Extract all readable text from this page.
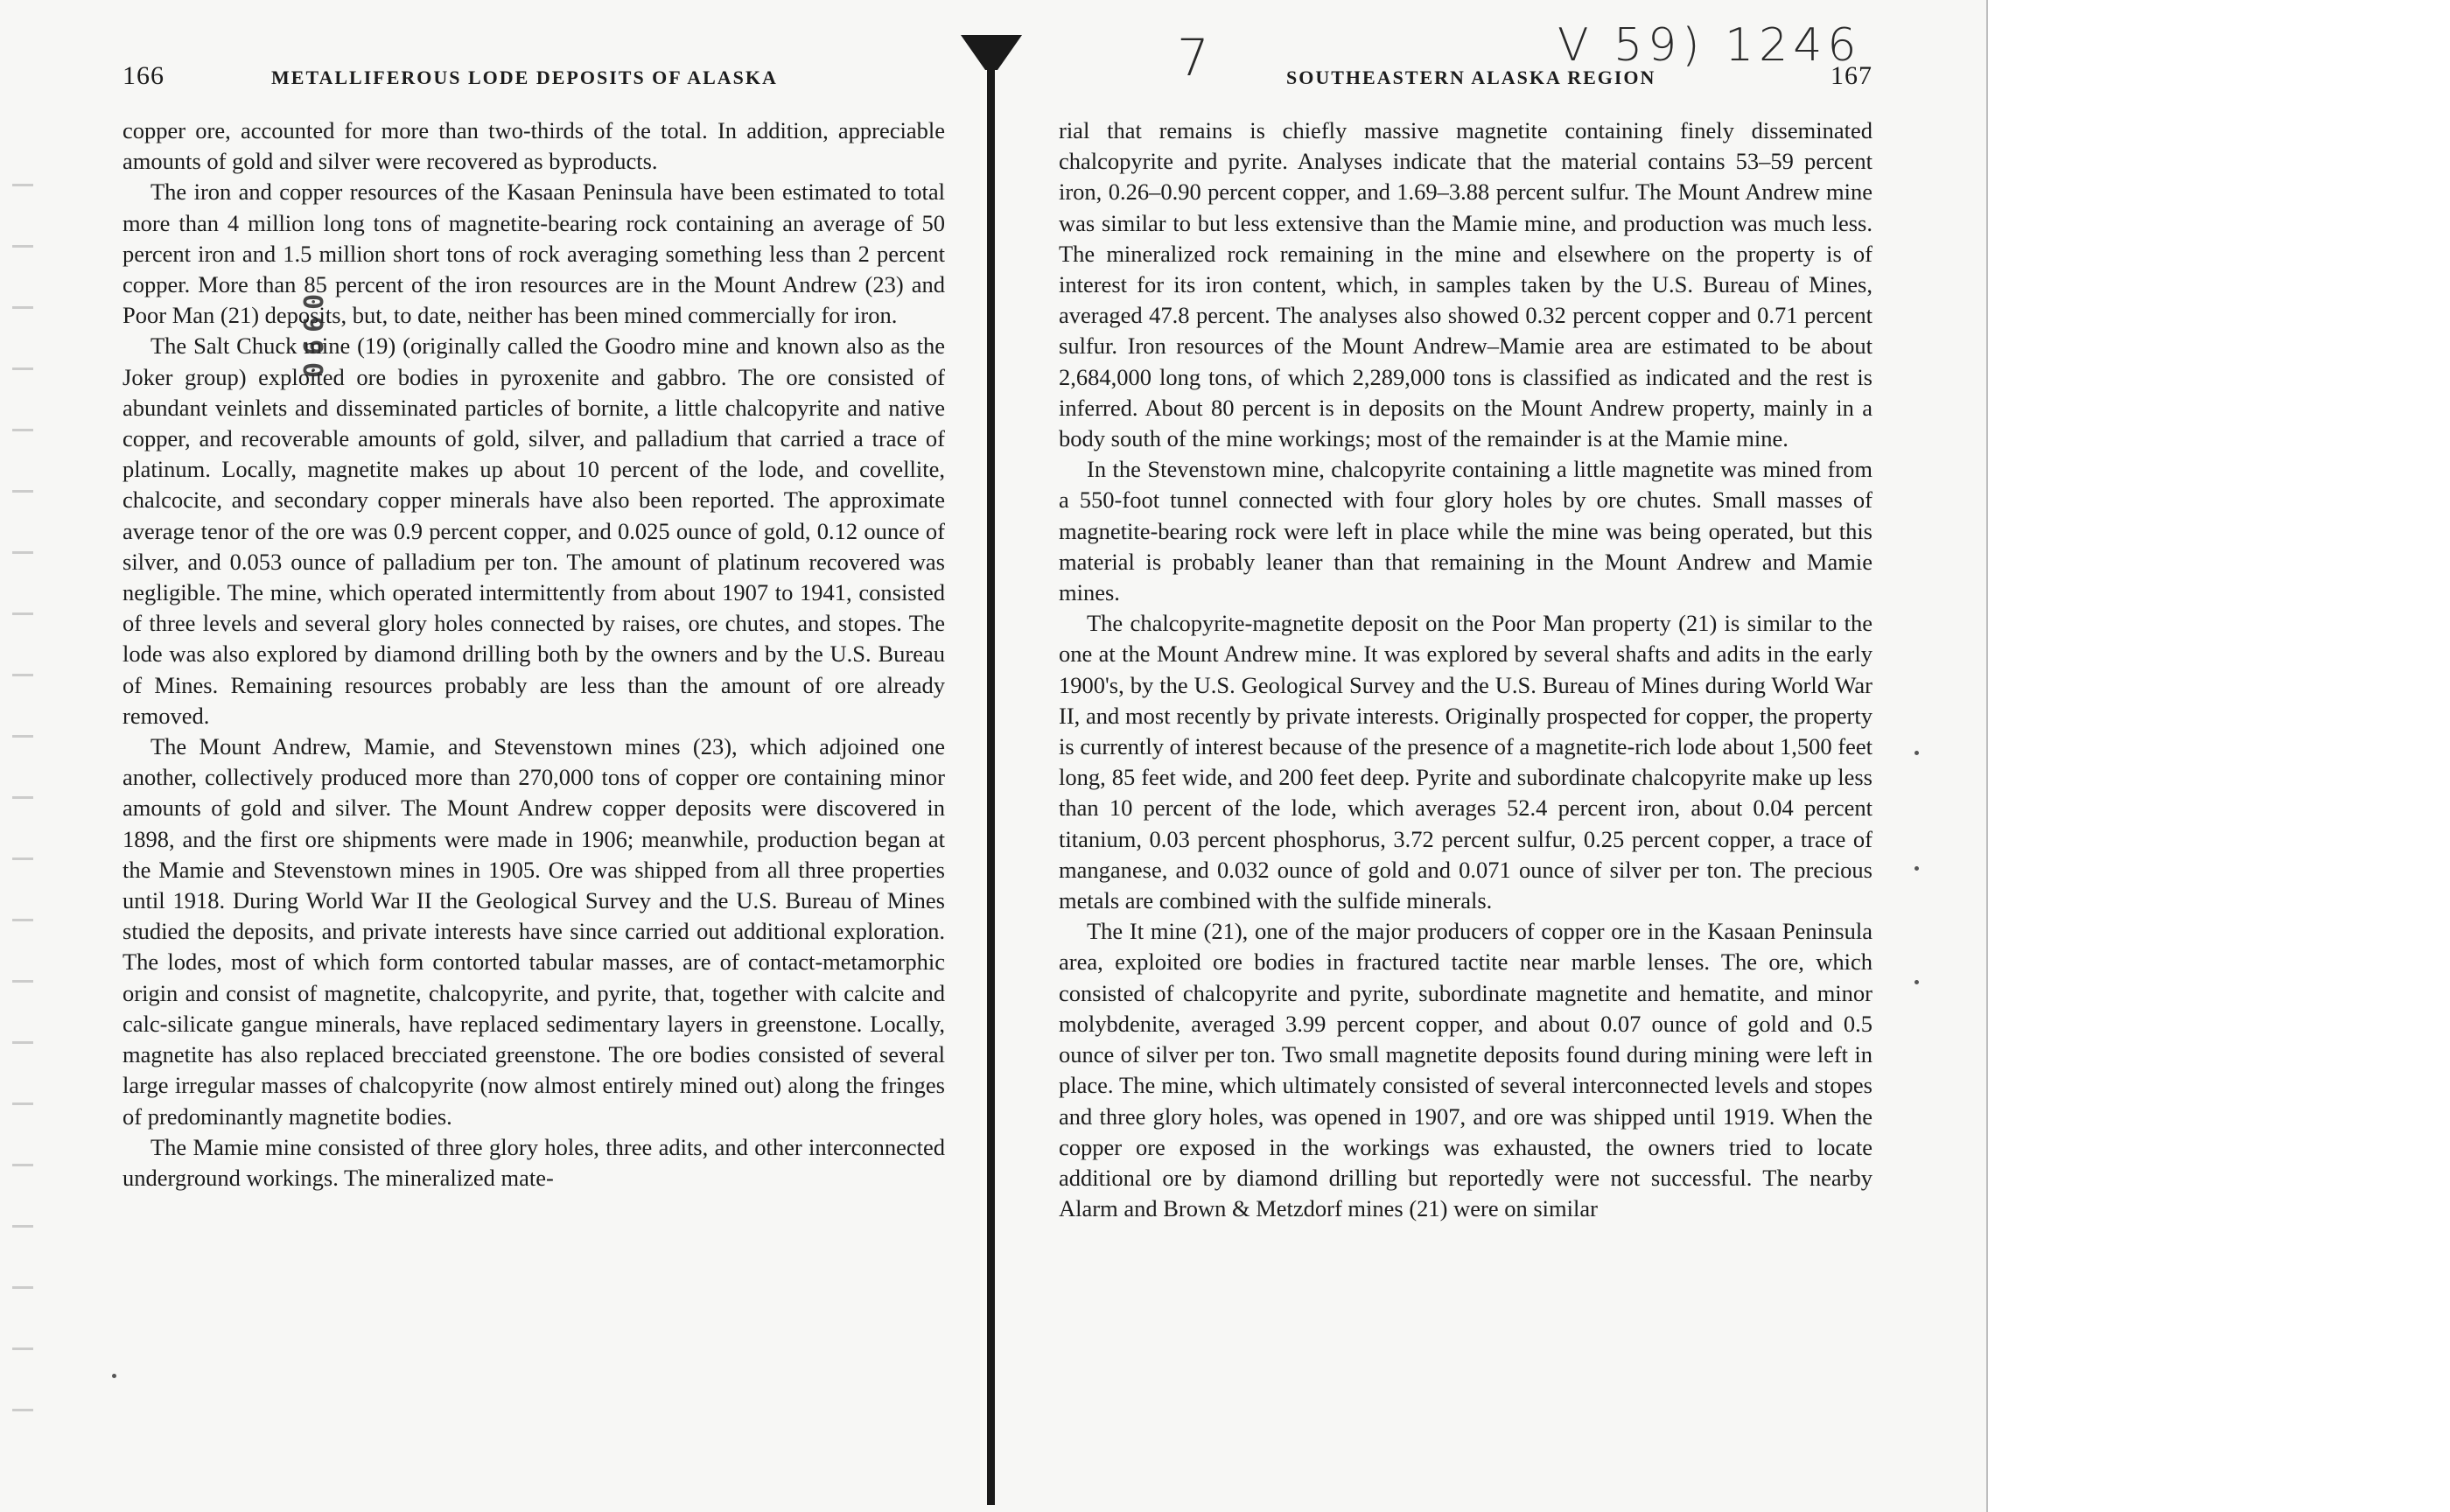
166	METALLIFEROUS LODE DEPOSITS OF ALASKA

copper ore, accounted for more than two-thirds of the total. In addition, appreciable amounts of gold and silver were recovered as byproducts.

The iron and copper resources of the Kasaan Peninsula have been estimated to total more than 4 million long tons of magnetite-bearing rock containing an average of 50 percent iron and 1.5 million short tons of rock averaging something less than 2 percent copper. More than 85 percent of the iron resources are in the Mount Andrew (23) and Poor Man (21) deposits, but, to date, neither has been mined commercially for iron.

The Salt Chuck mine (19) (originally called the Goodro mine and known also as the Joker group) exploited ore bodies in pyroxenite and gabbro. The ore consisted of abundant veinlets and disseminated particles of bornite, a little chalcopyrite and native copper, and recoverable amounts of gold, silver, and palladium that carried a trace of platinum. Locally, magnetite makes up about 10 percent of the lode, and covellite, chalcocite, and secondary copper minerals have also been reported. The approximate average tenor of the ore was 0.9 percent copper, and 0.025 ounce of gold, 0.12 ounce of silver, and 0.053 ounce of palladium per ton. The amount of platinum recovered was negligible. The mine, which operated intermittently from about 1907 to 1941, consisted of three levels and several glory holes connected by raises, ore chutes, and stopes. The lode was also explored by diamond drilling both by the owners and by the U.S. Bureau of Mines. Remaining resources probably are less than the amount of ore already removed.

The Mount Andrew, Mamie, and Stevenstown mines (23), which adjoined one another, collectively produced more than 270,000 tons of copper ore containing minor amounts of gold and silver. The Mount Andrew copper deposits were discovered in 1898, and the first ore shipments were made in 1906; meanwhile, production began at the Mamie and Stevenstown mines in 1905. Ore was shipped from all three properties until 1918. During World War II the Geological Survey and the U.S. Bureau of Mines studied the deposits, and private interests have since carried out additional exploration. The lodes, most of which form contorted tabular masses, are of contact-metamorphic origin and consist of magnetite, chalcopyrite, and pyrite, that, together with calcite and calc-silicate gangue minerals, have replaced sedimentary layers in greenstone. Locally, magnetite has also replaced brecciated greenstone. The ore bodies consisted of several large irregular masses of chalcopyrite (now almost entirely mined out) along the fringes of predominantly magnetite bodies.

The Mamie mine consisted of three glory holes, three adits, and other interconnected underground workings. The mineralized mate-

SOUTHEASTERN ALASKA REGION	167

rial that remains is chiefly massive magnetite containing finely disseminated chalcopyrite and pyrite. Analyses indicate that the material contains 53–59 percent iron, 0.26–0.90 percent copper, and 1.69–3.88 percent sulfur. The Mount Andrew mine was similar to but less extensive than the Mamie mine, and production was much less. The mineralized rock remaining in the mine and elsewhere on the property is of interest for its iron content, which, in samples taken by the U.S. Bureau of Mines, averaged 47.8 percent. The analyses also showed 0.32 percent copper and 0.71 percent sulfur. Iron resources of the Mount Andrew–Mamie area are estimated to be about 2,684,000 long tons, of which 2,289,000 tons is classified as indicated and the rest is inferred. About 80 percent is in deposits on the Mount Andrew property, mainly in a body south of the mine workings; most of the remainder is at the Mamie mine.

In the Stevenstown mine, chalcopyrite containing a little magnetite was mined from a 550-foot tunnel connected with four glory holes by ore chutes. Small masses of magnetite-bearing rock were left in place while the mine was being operated, but this material is probably leaner than that remaining in the Mount Andrew and Mamie mines.

The chalcopyrite-magnetite deposit on the Poor Man property (21) is similar to the one at the Mount Andrew mine. It was explored by several shafts and adits in the early 1900's, by the U.S. Geological Survey and the U.S. Bureau of Mines during World War II, and most recently by private interests. Originally prospected for copper, the property is currently of interest because of the presence of a magnetite-rich lode about 1,500 feet long, 85 feet wide, and 200 feet deep. Pyrite and subordinate chalcopyrite make up less than 10 percent of the lode, which averages 52.4 percent iron, about 0.04 percent titanium, 0.03 percent phosphorus, 3.72 percent sulfur, 0.25 percent copper, a trace of manganese, and 0.032 ounce of gold and 0.071 ounce of silver per ton. The precious metals are combined with the sulfide minerals.

The It mine (21), one of the major producers of copper ore in the Kasaan Peninsula area, exploited ore bodies in fractured tactite near marble lenses. The ore, which consisted of chalcopyrite and pyrite, subordinate magnetite and hematite, and minor molybdenite, averaged 3.99 percent copper, and about 0.07 ounce of gold and 0.5 ounce of silver per ton. Two small magnetite deposits found during mining were left in place. The mine, which ultimately consisted of several interconnected levels and stopes and three glory holes, was opened in 1907, and ore was shipped until 1919. When the copper ore exposed in the workings was exhausted, the owners tried to locate additional ore by diamond drilling but reportedly were not successful. The nearby Alarm and Brown & Metzdorf mines (21) were on similar

7	V 59) 1246
0660
